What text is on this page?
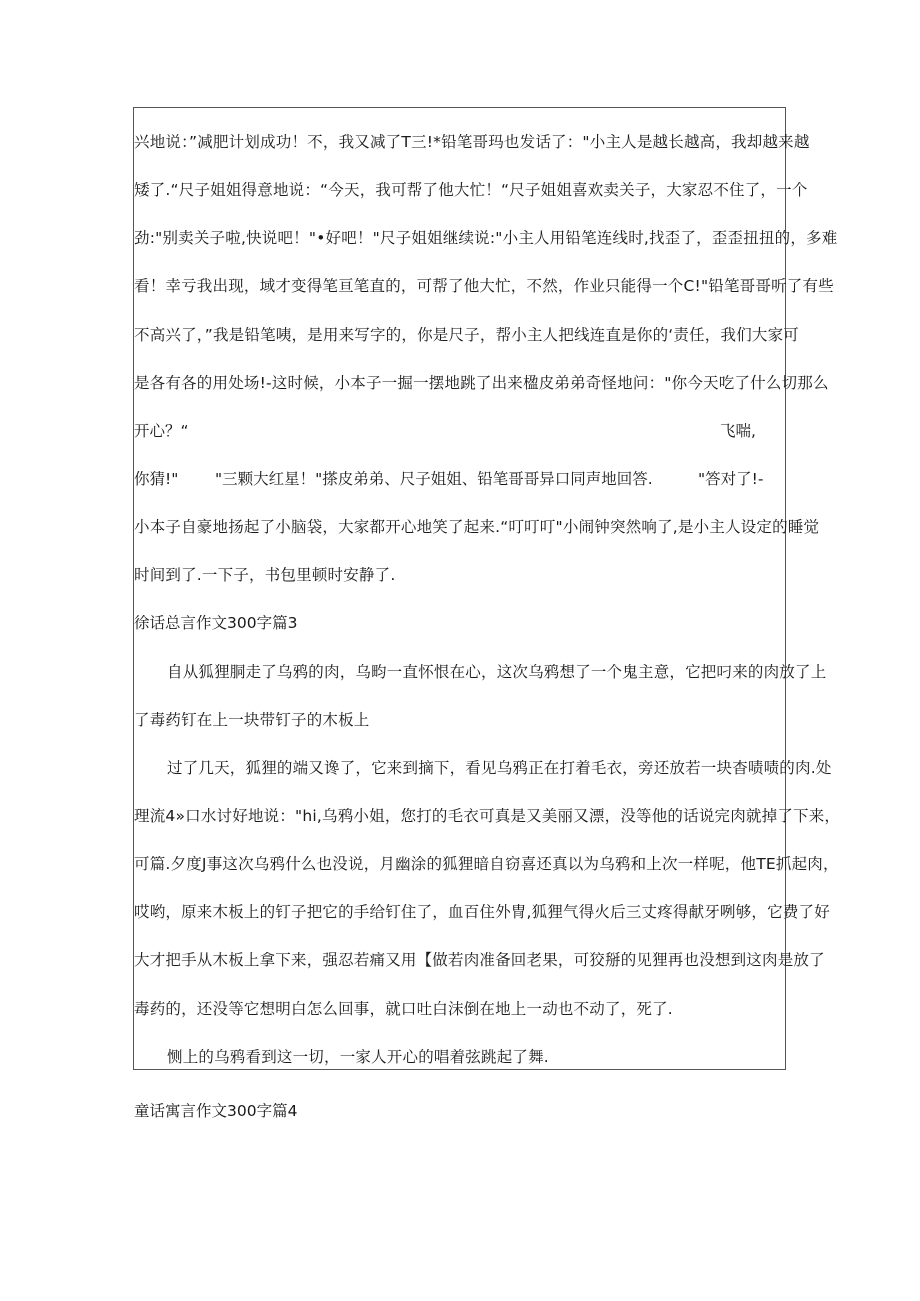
兴地说：”减肥计划成功！不，我又减了T三!*铅笔哥玛也发话了："小主人是越长越高，我却越来越
矮了.“尺子姐姐得意地说：“今天，我可帮了他大忙！“尺子姐姐喜欢卖关子，大家忍不住了，一个
劲:"别卖关子啦,快说吧！"•好吧！"尺子姐姐继续说:"小主人用铅笔连线时,找歪了，歪歪扭扭的，多难
看！幸亏我出现，域才变得笔亘笔直的，可帮了他大忙，不然，作业只能得一个C!"铅笔哥哥听了有些
不高兴了，”我是铅笔咦，是用来写字的，你是尺子，帮小主人把线连直是你的‘责任，我们大家可
是各有各的用处场!-这时候，小本子一掘一摆地跳了出来楹皮弟弟奇怪地问："你今天吃了什么切那么
开心？“	飞喘,
你猜!" "三颗大红星！"搽皮弟弟、尺子姐姐、铅笔哥哥异口同声地回答.	"答对了!-
小本子自豪地扬起了小脑袋，大家都开心地笑了起来.“叮叮叮"小闹钟突然响了,是小主人设定的睡觉
时间到了.一下子，书包里顿时安静了.
徐话总言作文300字篇3
自从狐狸胴走了乌鸦的肉，乌畇一直怀恨在心，这次乌鸦想了一个鬼主意，它把叼来的肉放了上
了毒药钉在上一块带钉子的木板上
过了几天，狐狸的端又谗了，它来到摘下，看见乌鸦正在打着毛衣，旁还放若一块杳啧啧的肉.处
理流4»口水讨好地说："hi,乌鸦小姐，您打的毛衣可真是又美丽又漂，没等他的话说完肉就掉了下来，
可篇.夕度J事这次乌鸦什么也没说，月幽涂的狐狸暗自窃喜还真以为乌鸦和上次一样呢，他TE抓起肉，
哎哟，原来木板上的钉子把它的手给钉住了，血百住外冑,狐狸气得火后三丈疼得献牙咧够，它费了好
大才把手从木板上拿下来，强忍若痛又用【做若肉准备回老果，可狡掰的见狸再也没想到这肉是放了
毒药的，还没等它想明白怎么回事，就口吐白沫倒在地上一动也不动了，死了.
恻上的乌鸦看到这一切，一家人开心的唱着弦跳起了舞.
童话寓言作文300字篇4
